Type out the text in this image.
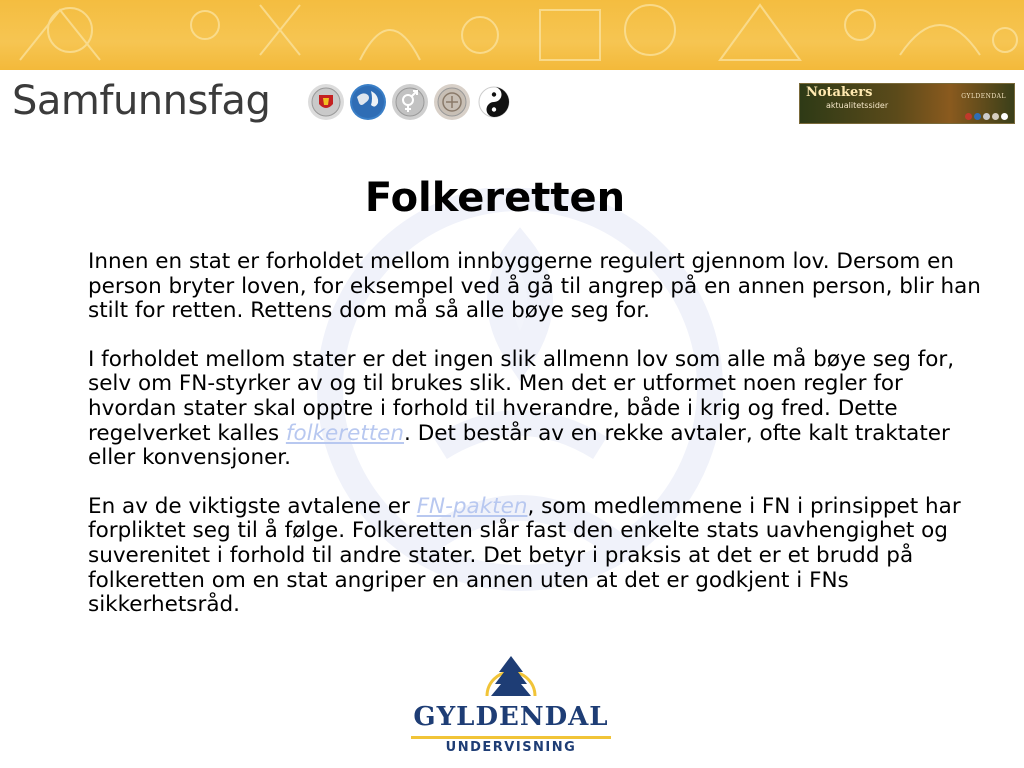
Samfunnsfag	Notakers
aktualitetssider
GYLDENDAL
Folkeretten

Innen en stat er forholdet mellom innbyggerne regulert gjennom lov. Dersom en person bryter loven, for eksempel ved å gå til angrep på en annen person, blir han stilt for retten. Rettens dom må så alle bøye seg for.

I forholdet mellom stater er det ingen slik allmenn lov som alle må bøye seg for, selv om FN-styrker av og til brukes slik. Men det er utformet noen regler for hvordan stater skal opptre i forhold til hverandre, både i krig og fred. Dette regelverket kalles folkeretten. Det består av en rekke avtaler, ofte kalt traktater eller konvensjoner.

En av de viktigste avtalene er FN-pakten, som medlemmene i FN i prinsippet har forpliktet seg til å følge. Folkeretten slår fast den enkelte stats uavhengighet og suverenitet i forhold til andre stater. Det betyr i praksis at det er et brudd på folkeretten om en stat angriper en annen uten at det er godkjent i FNs sikkerhetsråd.

GYLDENDAL
UNDERVISNING
